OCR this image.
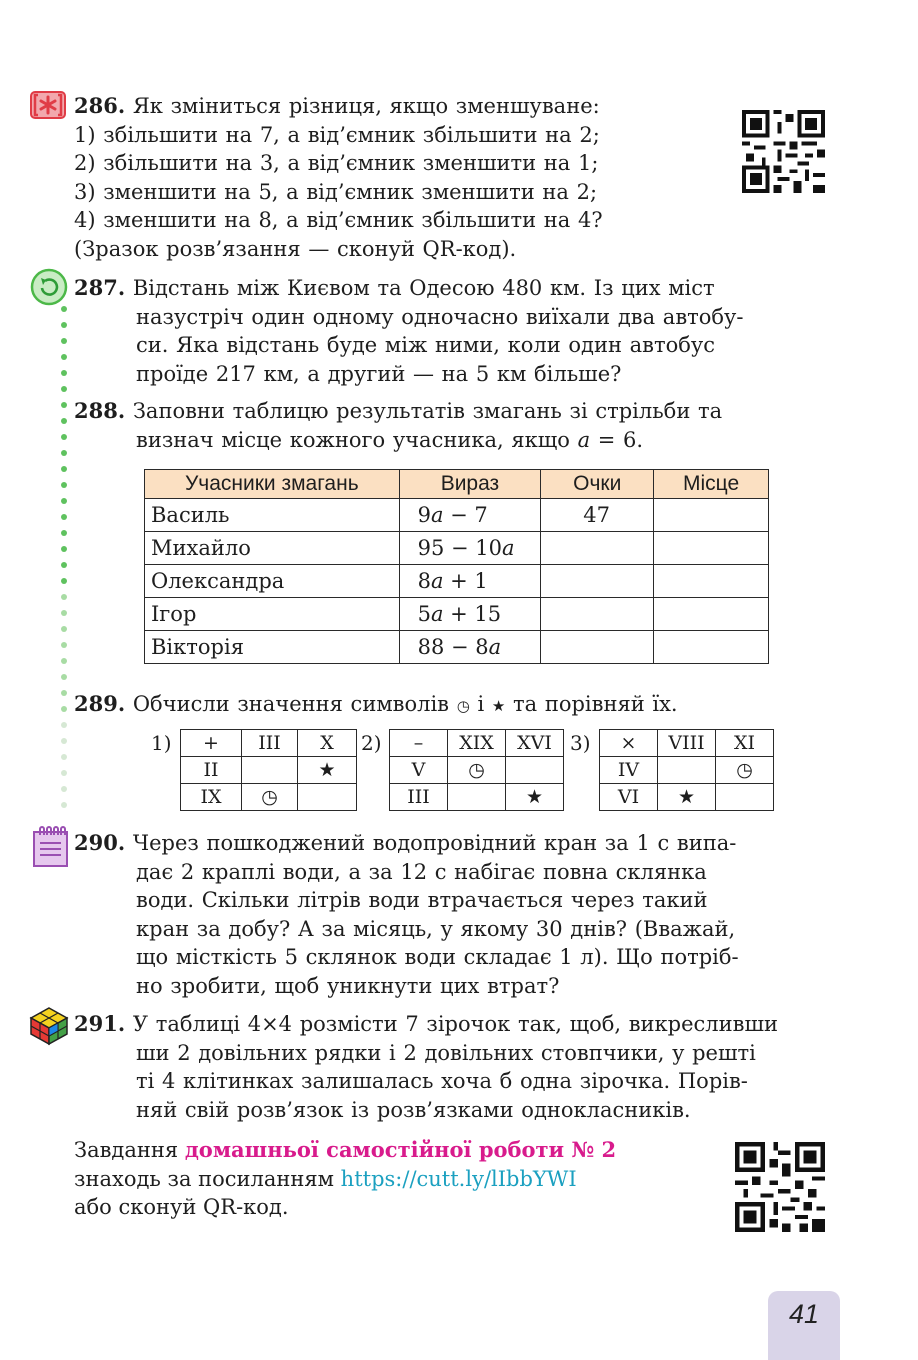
286. Як зміниться різниця, якщо зменшуване:
1) збільшити на 7, а від’ємник збільшити на 2;
2) збільшити на 3, а від’ємник зменшити на 1;
3) зменшити на 5, а від’ємник зменшити на 2;
4) зменшити на 8, а від’ємник збільшити на 4?
(Зразок розв’язання — сконуй QR-код).
287. Відстань між Києвом та Одесою 480 км. Із цих міст
назустріч один одному одночасно виїхали два автобу-
си. Яка відстань буде між ними, коли один автобус
проїде 217 км, а другий — на 5 км більше?
288. Заповни таблицю результатів змагань зі стрільби та
визнач місце кожного учасника, якщо a = 6.
Учасники змагань	Вираз	Очки	Місце
Василь	9a − 7	47	
Михайло	95 − 10a		
Олександра	8a + 1		
Ігор	5a + 15		
Вікторія	88 − 8a		
289. Обчисли значення символів ◷ і ★ та порівняй їх.
1) +	III	X
II		★
IX	◷	
2) –	XIX	XVI
V	◷	
III		★
3) ×	VIII	XI
IV		◷
VI	★	
290. Через пошкоджений водопровідний кран за 1 с випа-
дає 2 краплі води, а за 12 с набігає повна склянка
води. Скільки літрів води втрачається через такий
кран за добу? А за місяць, у якому 30 днів? (Вважай,
що місткість 5 склянок води складає 1 л). Що потріб-
но зробити, щоб уникнути цих втрат?
291. У таблиці 4×4 розмісти 7 зірочок так, щоб, викресливши
ши 2 довільних рядки і 2 довільних стовпчики, у решті
ті 4 клітинках залишалась хоча б одна зірочка. Порів-
няй свій розв’язок із розв’язками однокласників.
Завдання домашньої самостійної роботи № 2
знаходь за посиланням https://cutt.ly/lIbbYWI
або сконуй QR-код.
41
